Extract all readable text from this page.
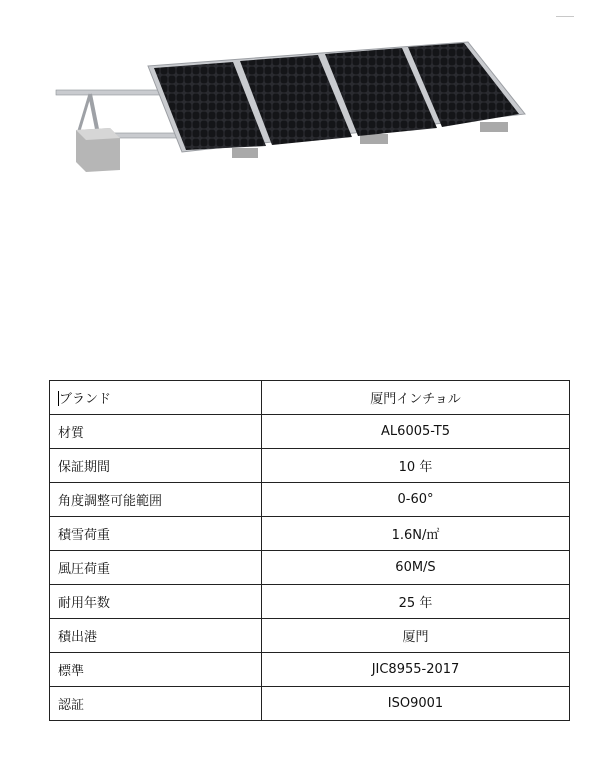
ブランド	厦門インチョル
材質	AL6005-T5
保証期間	10 年
角度調整可能範囲	0-60°
積雪荷重	1.6N/㎡
風圧荷重	60M/S
耐用年数	25 年
積出港	厦門
標準	JIC8955-2017
認証	ISO9001
